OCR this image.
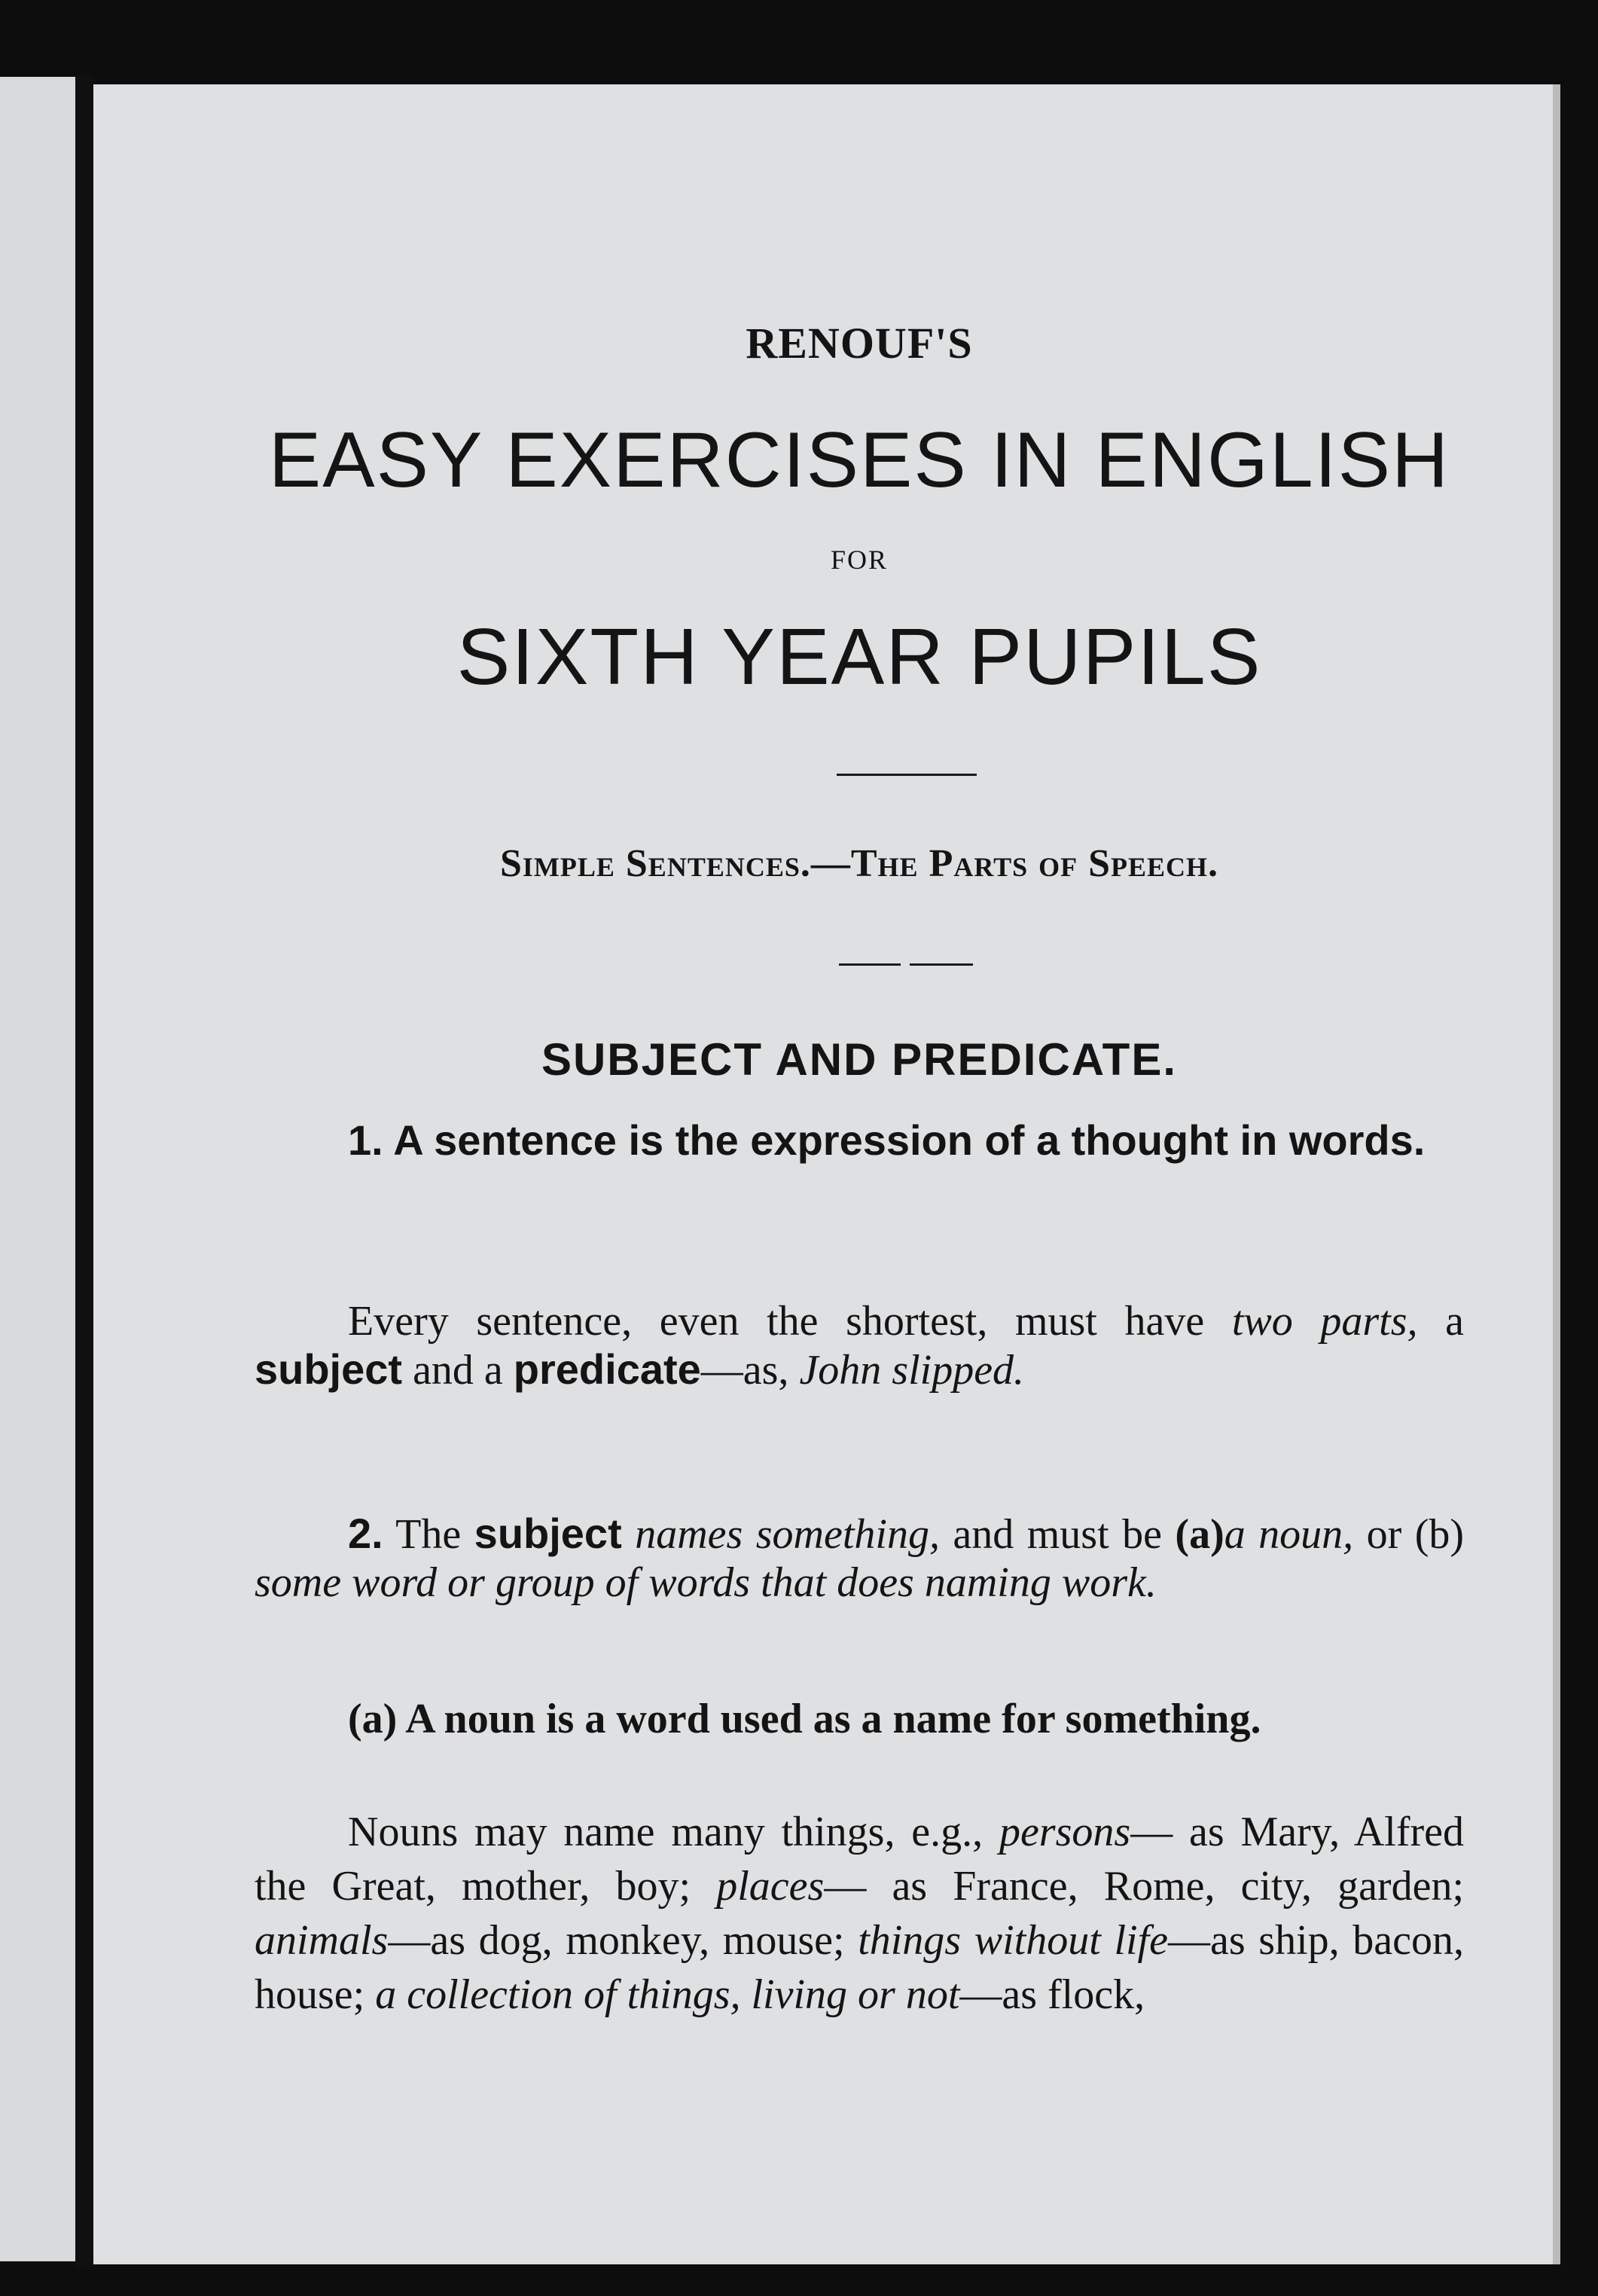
RENOUF'S
EASY EXERCISES IN ENGLISH
FOR
SIXTH YEAR PUPILS
Simple Sentences.—The Parts of Speech.
SUBJECT AND PREDICATE.
1. A sentence is the expression of a thought in words.
Every sentence, even the shortest, must have two parts, a subject and a predicate—as, John slipped.
2. The subject names something, and must be (a)a noun, or (b) some word or group of words that does naming work.
(a) A noun is a word used as a name for something.
Nouns may name many things, e.g., persons— as Mary, Alfred the Great, mother, boy; places— as France, Rome, city, garden; animals—as dog, monkey, mouse; things without life—as ship, bacon, house; a collection of things, living or not—as flock,
